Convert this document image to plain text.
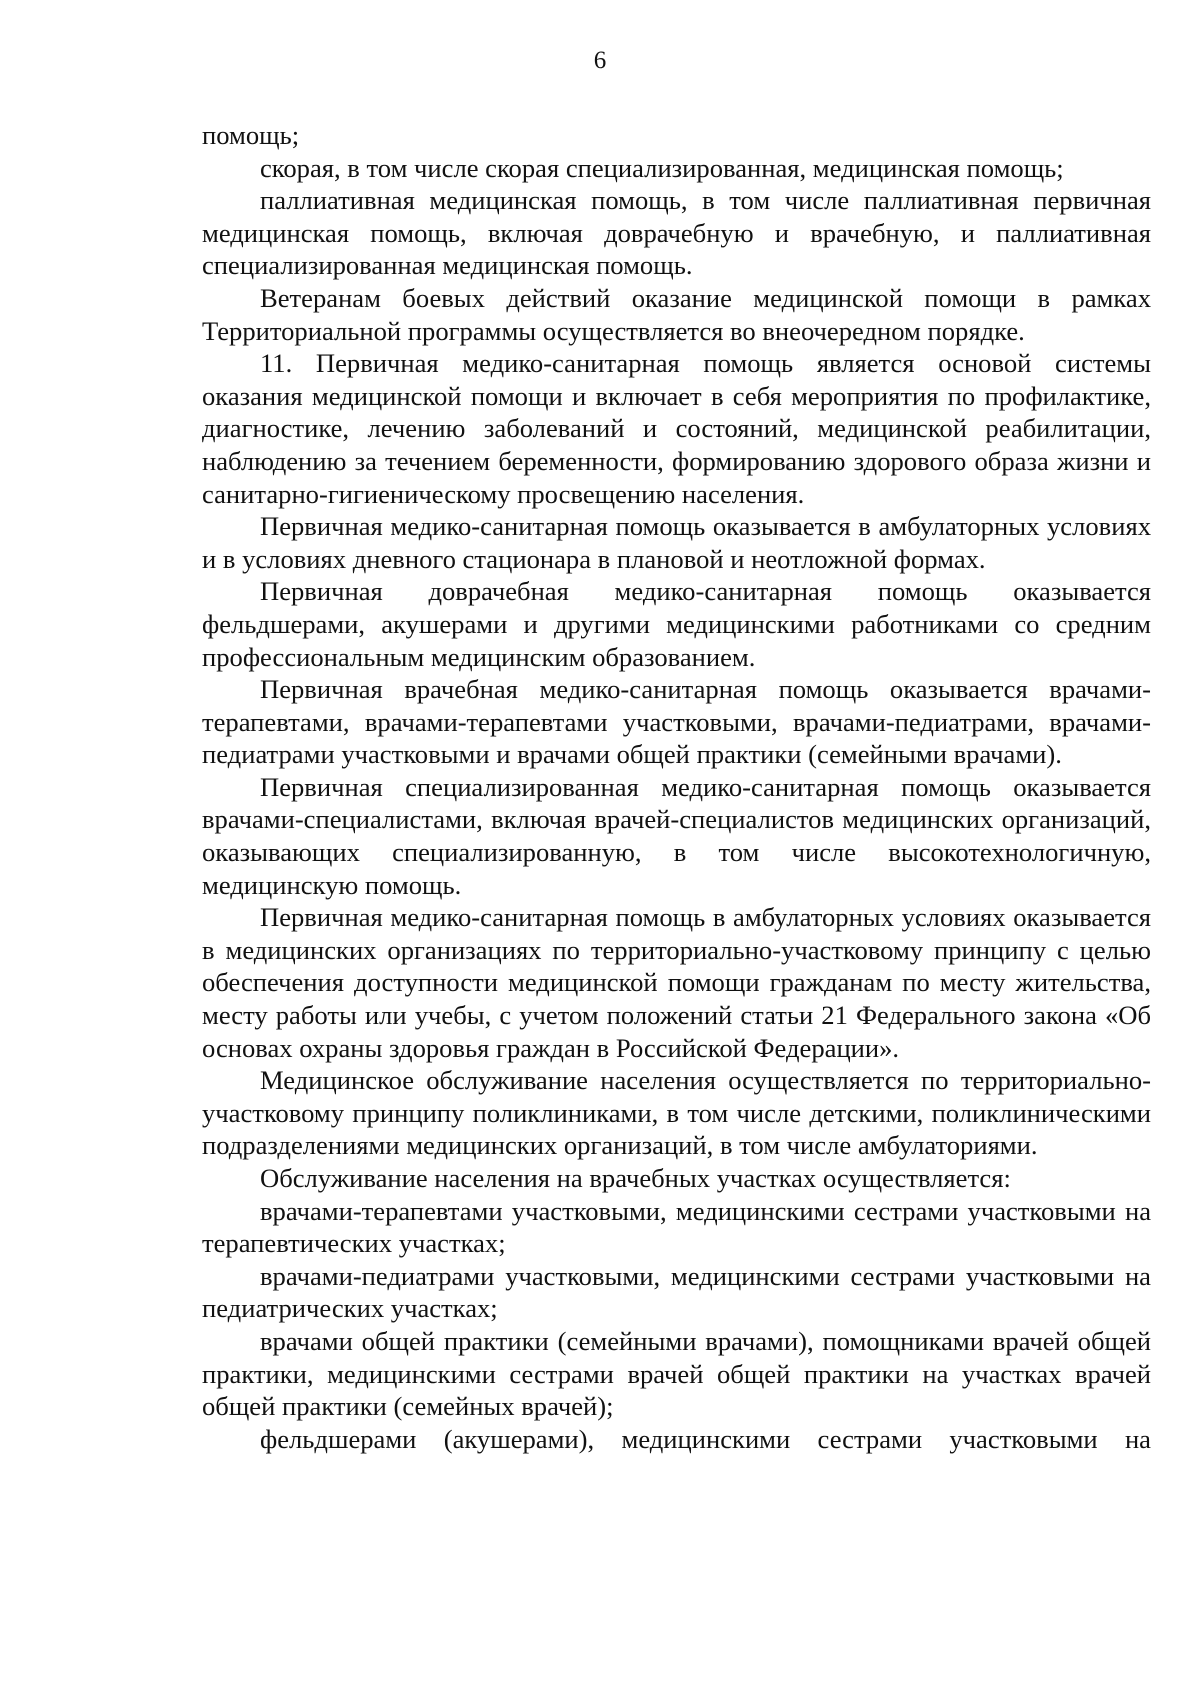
6

помощь;

скорая, в том числе скорая специализированная, медицинская помощь;

паллиативная медицинская помощь, в том числе паллиативная первичная медицинская помощь, включая доврачебную и врачебную, и паллиативная специализированная медицинская помощь.

Ветеранам боевых действий оказание медицинской помощи в рамках Территориальной программы осуществляется во внеочередном порядке.

11. Первичная медико-санитарная помощь является основой системы оказания медицинской помощи и включает в себя мероприятия по профилактике, диагностике, лечению заболеваний и состояний, медицинской реабилитации, наблюдению за течением беременности, формированию здорового образа жизни и санитарно-гигиеническому просвещению населения.

Первичная медико-санитарная помощь оказывается в амбулаторных условиях и в условиях дневного стационара в плановой и неотложной формах.

Первичная доврачебная медико-санитарная помощь оказывается фельдшерами, акушерами и другими медицинскими работниками со средним профессиональным медицинским образованием.

Первичная врачебная медико-санитарная помощь оказывается врачами-терапевтами, врачами-терапевтами участковыми, врачами-педиатрами, врачами-педиатрами участковыми и врачами общей практики (семейными врачами).

Первичная специализированная медико-санитарная помощь оказывается врачами-специалистами, включая врачей-специалистов медицинских организаций, оказывающих специализированную, в том числе высокотехнологичную, медицинскую помощь.

Первичная медико-санитарная помощь в амбулаторных условиях оказывается в медицинских организациях по территориально-участковому принципу с целью обеспечения доступности медицинской помощи гражданам по месту жительства, месту работы или учебы, с учетом положений статьи 21 Федерального закона «Об основах охраны здоровья граждан в Российской Федерации».

Медицинское обслуживание населения осуществляется по территориально-участковому принципу поликлиниками, в том числе детскими, поликлиническими подразделениями медицинских организаций, в том числе амбулаториями.

Обслуживание населения на врачебных участках осуществляется:

врачами-терапевтами участковыми, медицинскими сестрами участковыми на терапевтических участках;

врачами-педиатрами участковыми, медицинскими сестрами участковыми на педиатрических участках;

врачами общей практики (семейными врачами), помощниками врачей общей практики, медицинскими сестрами врачей общей практики на участках врачей общей практики (семейных врачей);

фельдшерами (акушерами), медицинскими сестрами участковыми на
